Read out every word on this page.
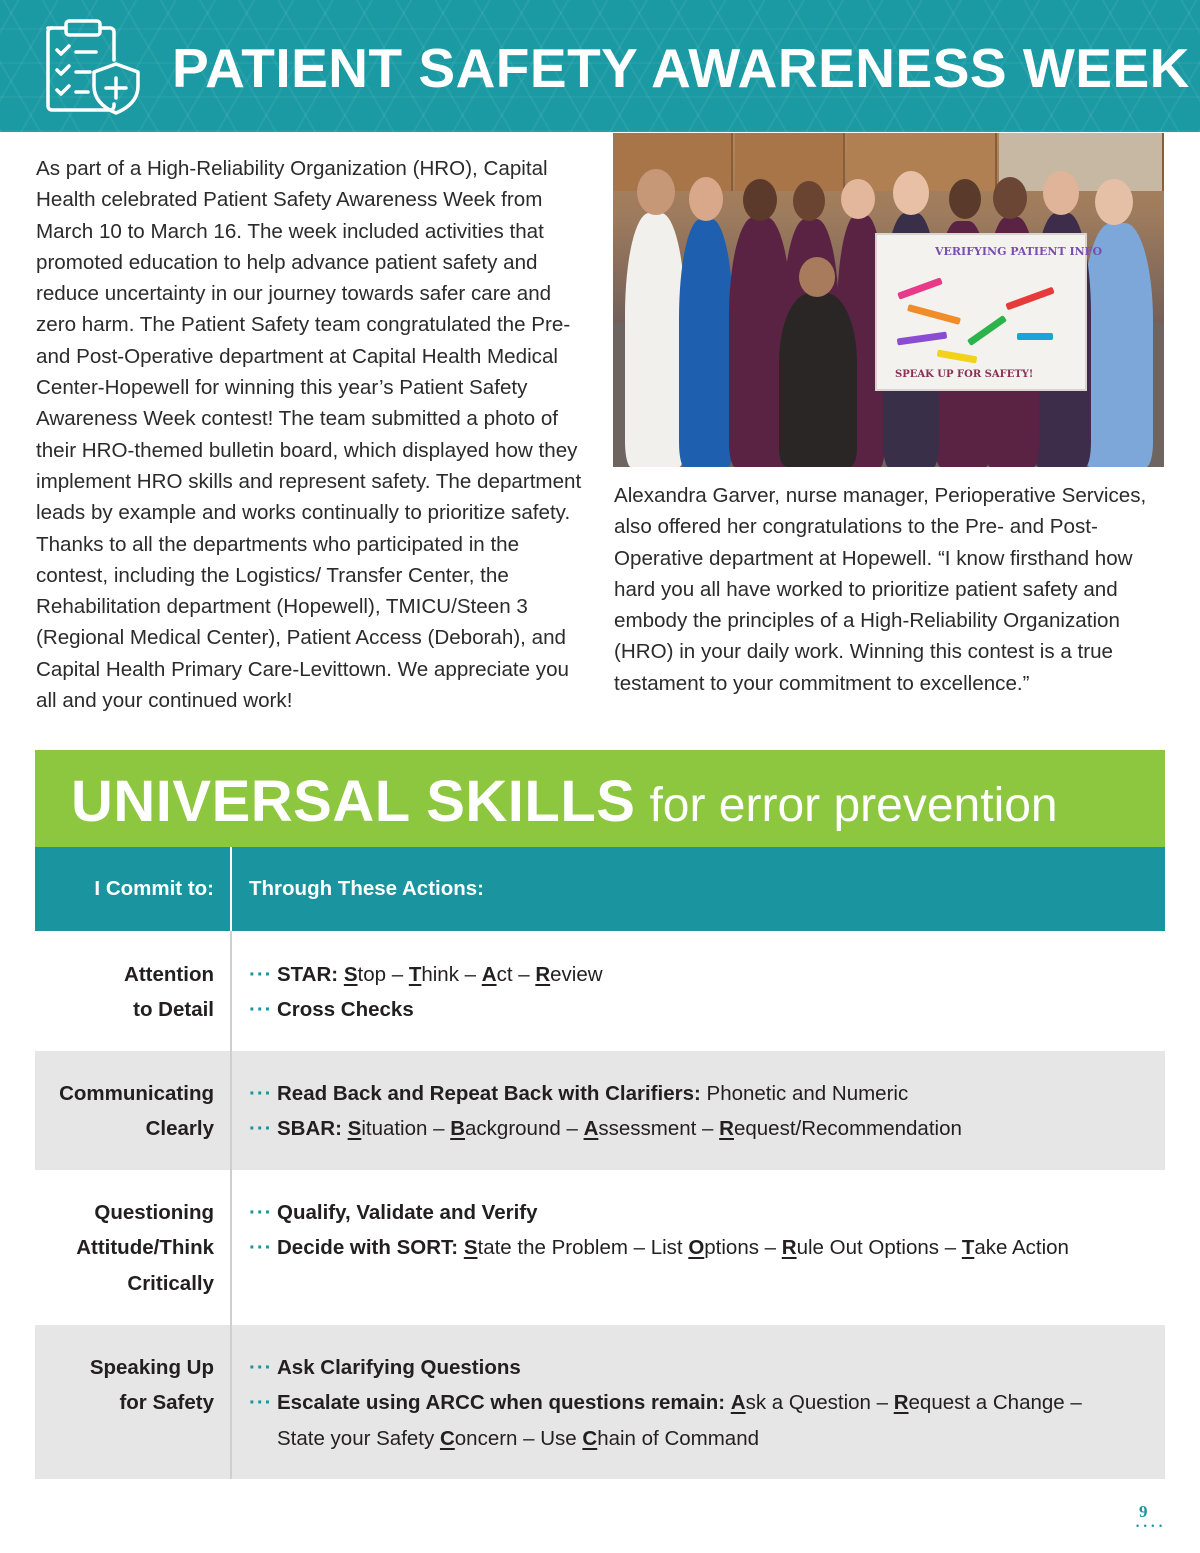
PATIENT SAFETY AWARENESS WEEK

As part of a High-Reliability Organization (HRO), Capital Health celebrated Patient Safety Awareness Week from March 10 to March 16. The week included activities that promoted education to help advance patient safety and reduce uncertainty in our journey towards safer care and zero harm. The Patient Safety team congratulated the Pre- and Post-Operative department at Capital Health Medical Center-Hopewell for winning this year’s Patient Safety Awareness Week contest! The team submitted a photo of their HRO-themed bulletin board, which displayed how they implement HRO skills and represent safety. The department leads by example and works continually to prioritize safety. Thanks to all the departments who participated in the contest, including the Logistics/ Transfer Center, the Rehabilitation department (Hopewell), TMICU/Steen 3 (Regional Medical Center), Patient Access (Deborah), and Capital Health Primary Care-Levittown. We appreciate you all and your continued work!

VERIFYING PATIENT INFO
SPEAK UP FOR SAFETY!

Alexandra Garver, nurse manager, Perioperative Services, also offered her congratulations to the Pre- and Post-Operative department at Hopewell. “I know firsthand how hard you all have worked to prioritize patient safety and embody the principles of a High-Reliability Organization (HRO) in your daily work. Winning this contest is a true testament to your commitment to excellence.”

UNIVERSAL SKILLS for error prevention
I Commit to: Through These Actions:
Attention
to Detail
··· STAR: Stop – Think – Act – Review
··· Cross Checks
Communicating
Clearly
··· Read Back and Repeat Back with Clarifiers: Phonetic and Numeric
··· SBAR: Situation – Background – Assessment – Request/Recommendation
Questioning
Attitude/Think
Critically
··· Qualify, Validate and Verify
··· Decide with SORT: State the Problem – List Options – Rule Out Options – Take Action
Speaking Up
for Safety
··· Ask Clarifying Questions
··· Escalate using ARCC when questions remain: Ask a Question – Request a Change –
State your Safety Concern – Use Chain of Command
9
• • • •
